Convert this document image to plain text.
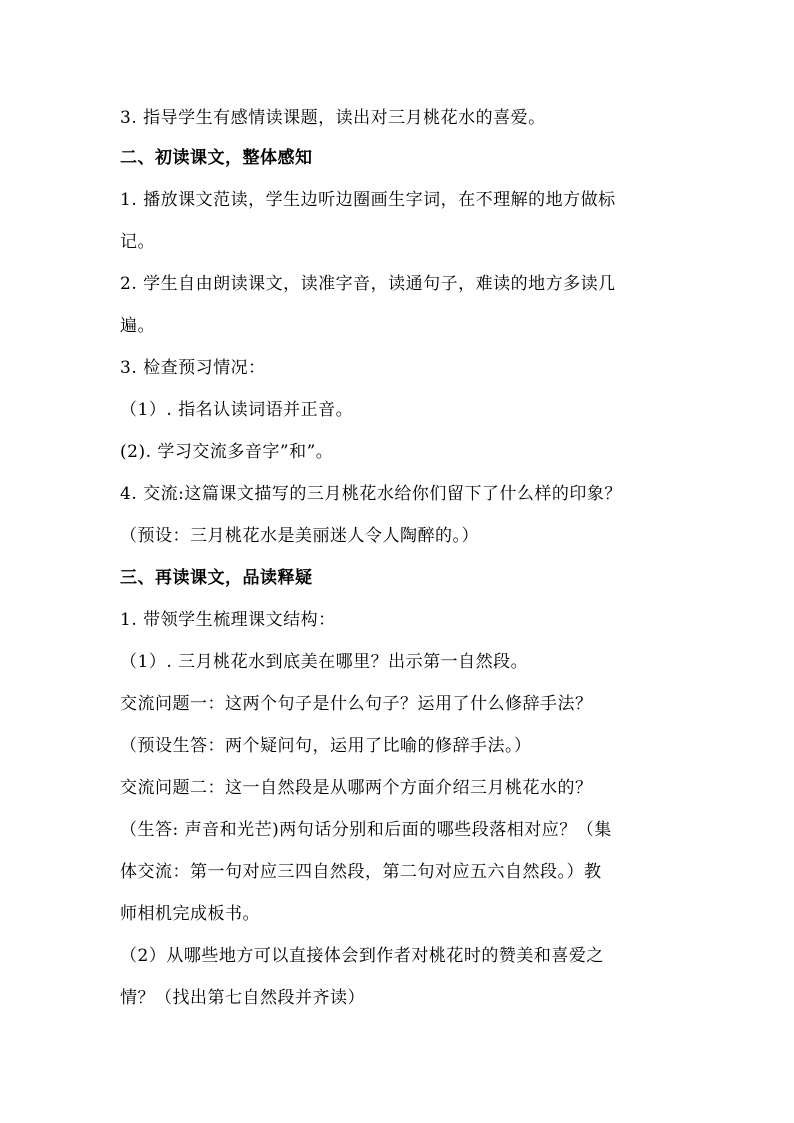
3. 指导学生有感情读课题，读出对三月桃花水的喜爱。
二、初读课文，整体感知
1. 播放课文范读，学生边听边圈画生字词，在不理解的地方做标
记。
2. 学生自由朗读课文，读准字音，读通句子，难读的地方多读几
遍。
3. 检查预习情况：
（1）. 指名认读词语并正音。
(2). 学习交流多音字”和”。
4. 交流:这篇课文描写的三月桃花水给你们留下了什么样的印象？
（预设：三月桃花水是美丽迷人令人陶醉的。）
三、再读课文，品读释疑
1. 带领学生梳理课文结构：
（1）. 三月桃花水到底美在哪里？出示第一自然段。
交流问题一：这两个句子是什么句子？运用了什么修辞手法？
（预设生答：两个疑问句，运用了比喻的修辞手法。）
交流问题二：这一自然段是从哪两个方面介绍三月桃花水的？
（生答: 声音和光芒)两句话分别和后面的哪些段落相对应？（集
体交流：第一句对应三四自然段，第二句对应五六自然段。）教
师相机完成板书。
（2）从哪些地方可以直接体会到作者对桃花时的赞美和喜爱之
情？（找出第七自然段并齐读）
